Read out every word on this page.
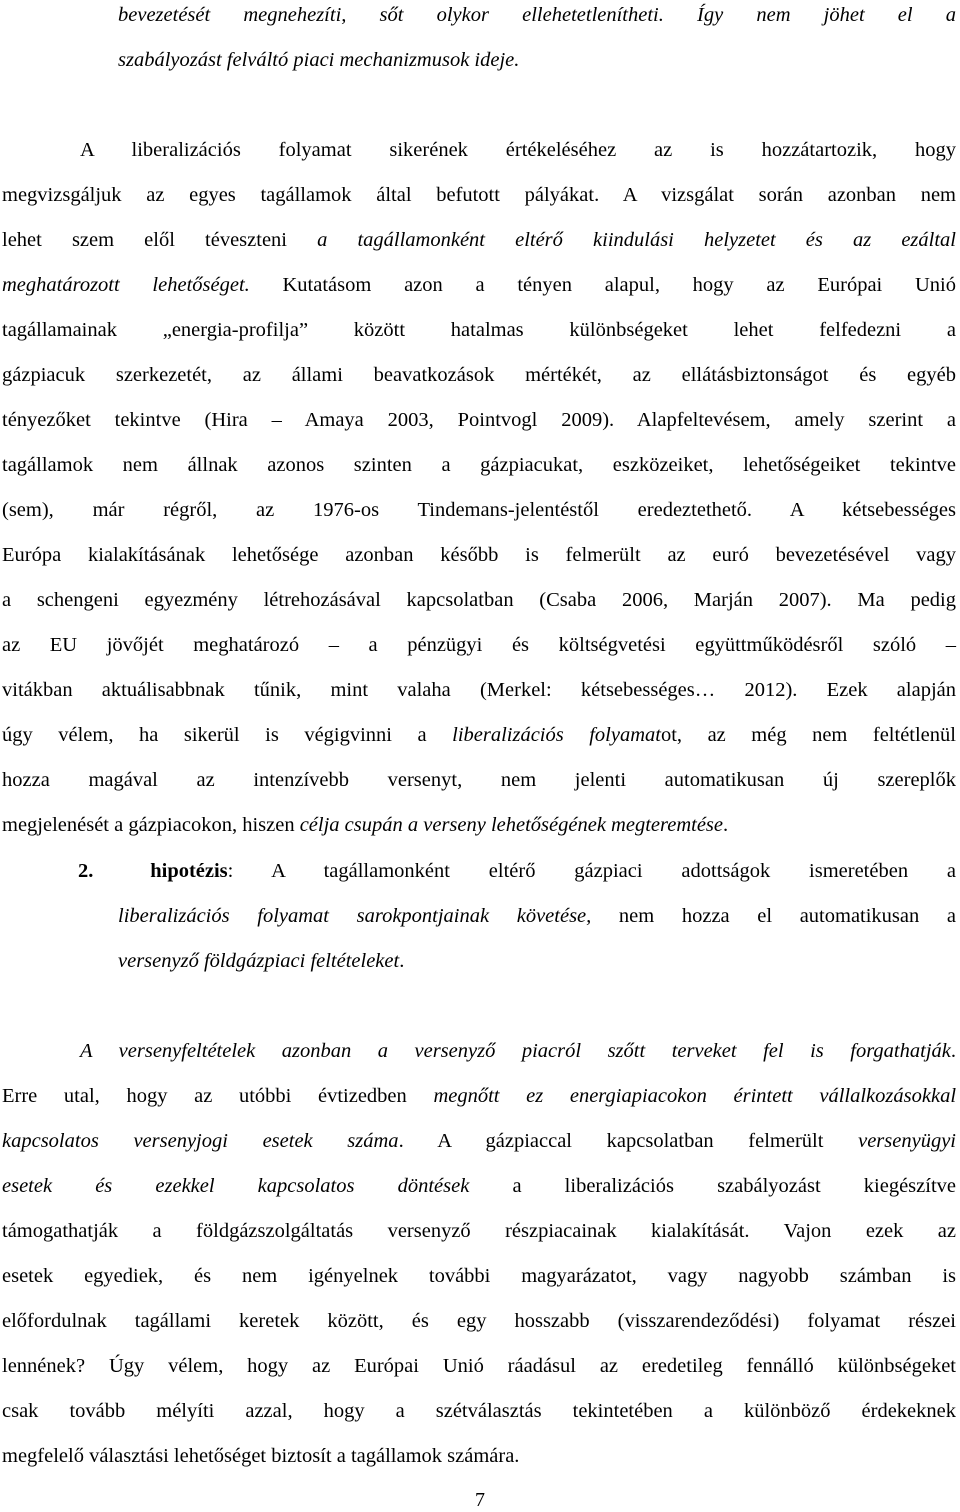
bevezetését megnehezíti, sőt olykor ellehetetlenítheti. Így nem jöhet el a
szabályozást felváltó piaci mechanizmusok ideje.
A liberalizációs folyamat sikerének értékeléséhez az is hozzátartozik, hogy
megvizsgáljuk az egyes tagállamok által befutott pályákat. A vizsgálat során azonban nem
lehet szem elől téveszteni a tagállamonként eltérő kiindulási helyzetet és az ezáltal
meghatározott lehetőséget. Kutatásom azon a tényen alapul, hogy az Európai Unió
tagállamainak „energia-profilja” között hatalmas különbségeket lehet felfedezni a
gázpiacuk szerkezetét, az állami beavatkozások mértékét, az ellátásbiztonságot és egyéb
tényezőket tekintve (Hira – Amaya 2003, Pointvogl 2009). Alapfeltevésem, amely szerint a
tagállamok nem állnak azonos szinten a gázpiacukat, eszközeiket, lehetőségeiket tekintve
(sem), már régről, az 1976-os Tindemans-jelentéstől eredeztethető. A kétsebességes
Európa kialakításának lehetősége azonban később is felmerült az euró bevezetésével vagy
a schengeni egyezmény létrehozásával kapcsolatban (Csaba 2006, Marján 2007). Ma pedig
az EU jövőjét meghatározó – a pénzügyi és költségvetési együttműködésről szóló –
vitákban aktuálisabbnak tűnik, mint valaha (Merkel: kétsebességes… 2012). Ezek alapján
úgy vélem, ha sikerül is végigvinni a liberalizációs folyamatot, az még nem feltétlenül
hozza magával az intenzívebb versenyt, nem jelenti automatikusan új szereplők
megjelenését a gázpiacokon, hiszen célja csupán a verseny lehetőségének megteremtése.
2.	hipotézis: A tagállamonként eltérő gázpiaci adottságok ismeretében a
liberalizációs folyamat sarokpontjainak követése, nem hozza el automatikusan a
versenyző földgázpiaci feltételeket.
A versenyfeltételek azonban a versenyző piacról szőtt terveket fel is forgathatják.
Erre utal, hogy az utóbbi évtizedben megnőtt ez energiapiacokon érintett vállalkozásokkal
kapcsolatos versenyjogi esetek száma. A gázpiaccal kapcsolatban felmerült versenyügyi
esetek és ezekkel kapcsolatos döntések a liberalizációs szabályozást kiegészítve
támogathatják a földgázszolgáltatás versenyző részpiacainak kialakítását. Vajon ezek az
esetek egyediek, és nem igényelnek további magyarázatot, vagy nagyobb számban is
előfordulnak tagállami keretek között, és egy hosszabb (visszarendeződési) folyamat részei
lennének? Úgy vélem, hogy az Európai Unió ráadásul az eredetileg fennálló különbségeket
csak tovább mélyíti azzal, hogy a szétválasztás tekintetében a különböző érdekeknek
megfelelő választási lehetőséget biztosít a tagállamok számára.
7
